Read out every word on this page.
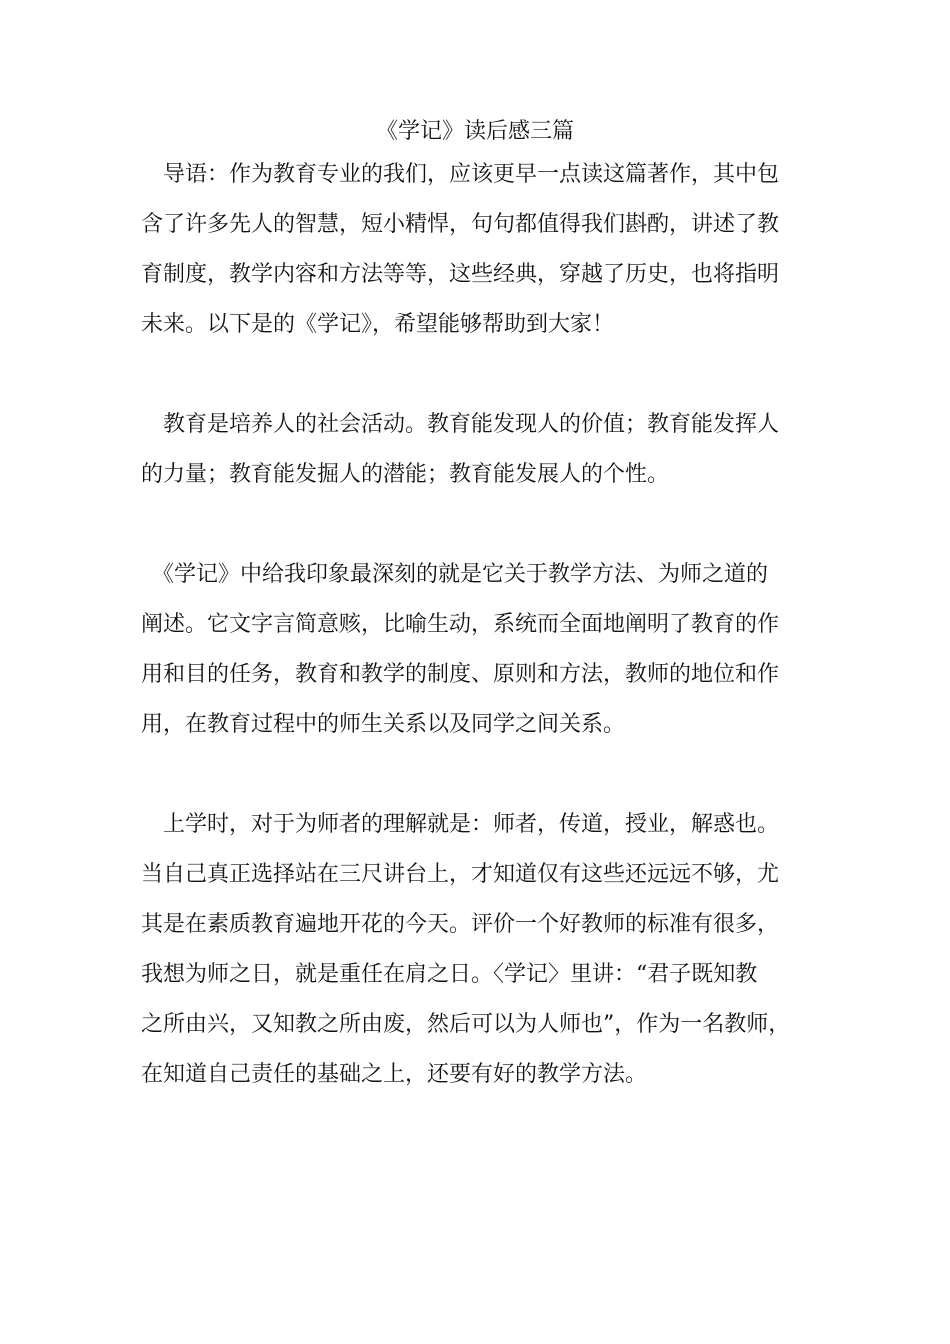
《学记》读后感三篇
　导语：作为教育专业的我们，应该更早一点读这篇著作，其中包
含了许多先人的智慧，短小精悍，句句都值得我们斟酌，讲述了教
育制度，教学内容和方法等等，这些经典，穿越了历史，也将指明
未来。以下是的《学记》，希望能够帮助到大家！
　教育是培养人的社会活动。教育能发现人的价值；教育能发挥人
的力量；教育能发掘人的潜能；教育能发展人的个性。
　《学记》中给我印象最深刻的就是它关于教学方法、为师之道的
阐述。它文字言简意赅，比喻生动，系统而全面地阐明了教育的作
用和目的任务，教育和教学的制度、原则和方法，教师的地位和作
用，在教育过程中的师生关系以及同学之间关系。
　上学时，对于为师者的理解就是：师者，传道，授业，解惑也。
当自己真正选择站在三尺讲台上，才知道仅有这些还远远不够，尤
其是在素质教育遍地开花的今天。评价一个好教师的标准有很多，
我想为师之日，就是重任在肩之日。〈学记〉里讲：“君子既知教
之所由兴，又知教之所由废，然后可以为人师也”，作为一名教师，
在知道自己责任的基础之上，还要有好的教学方法。
